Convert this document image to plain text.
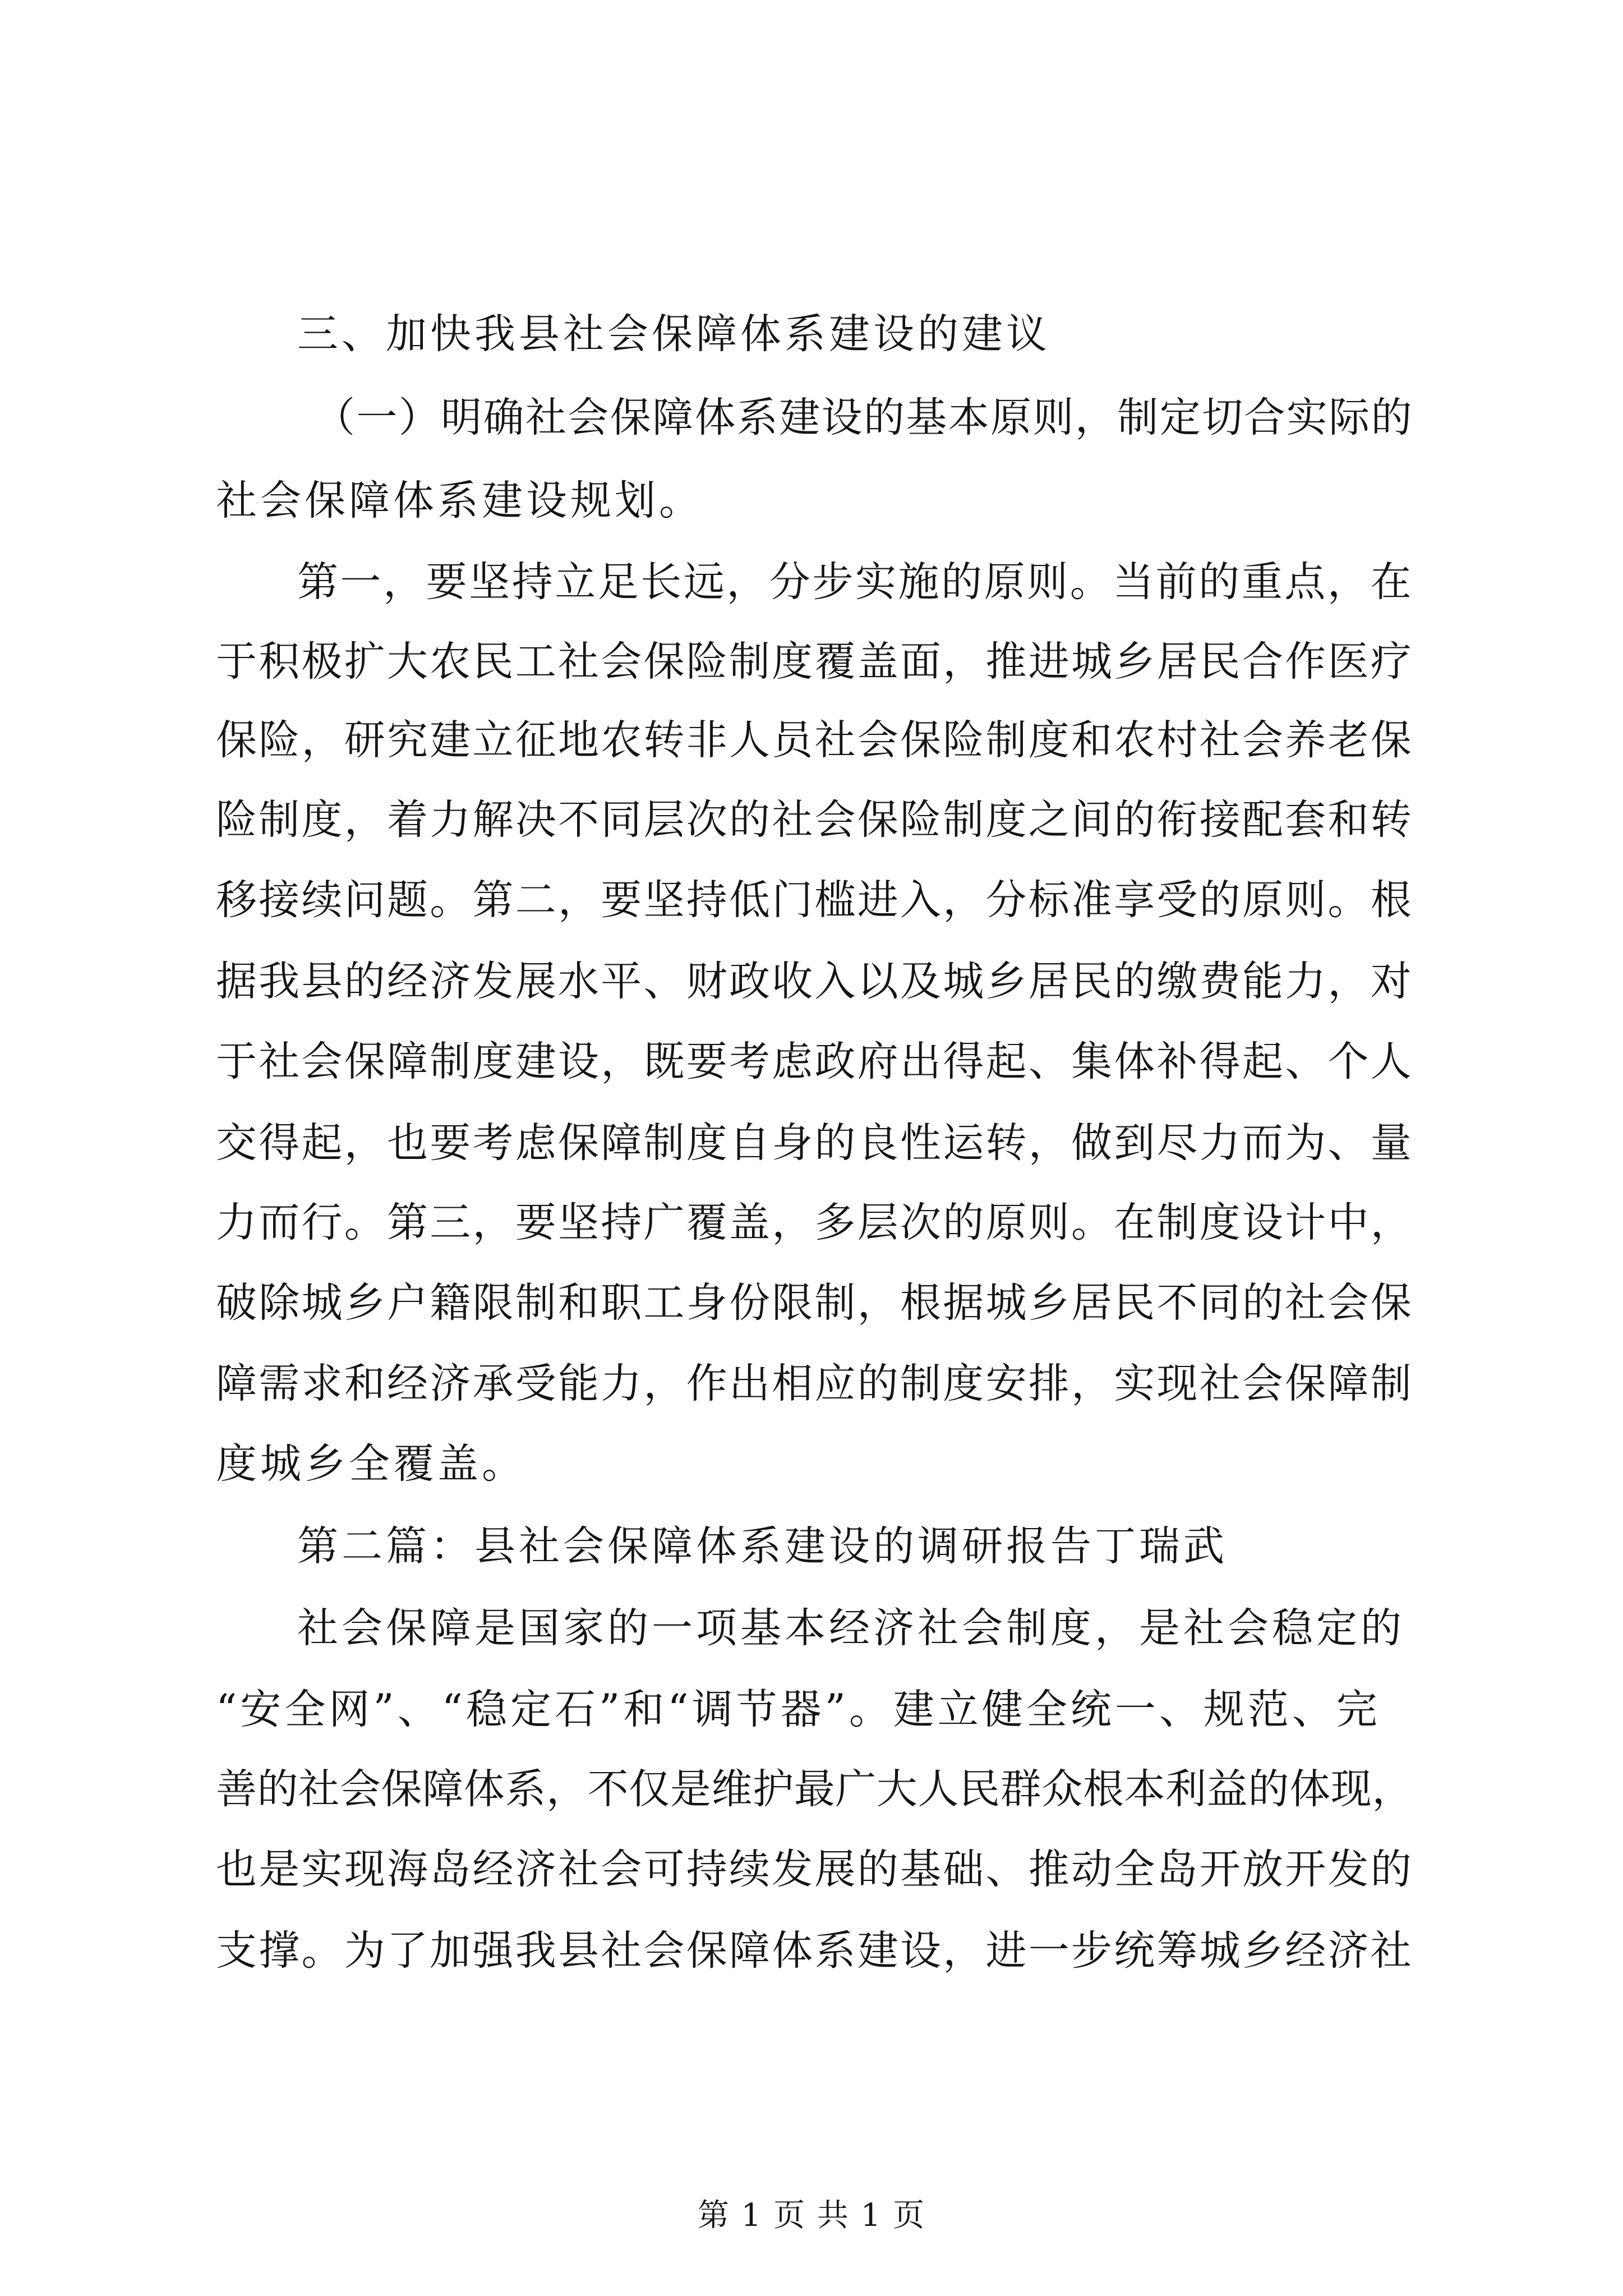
三、加快我县社会保障体系建设的建议
（一）明确社会保障体系建设的基本原则，制定切合实际的
社会保障体系建设规划。
第一，要坚持立足长远，分步实施的原则。当前的重点，在
于积极扩大农民工社会保险制度覆盖面，推进城乡居民合作医疗
保险，研究建立征地农转非人员社会保险制度和农村社会养老保
险制度，着力解决不同层次的社会保险制度之间的衔接配套和转
移接续问题。第二，要坚持低门槛进入，分标准享受的原则。根
据我县的经济发展水平、财政收入以及城乡居民的缴费能力，对
于社会保障制度建设，既要考虑政府出得起、集体补得起、个人
交得起，也要考虑保障制度自身的良性运转，做到尽力而为、量
力而行。第三，要坚持广覆盖，多层次的原则。在制度设计中，
破除城乡户籍限制和职工身份限制，根据城乡居民不同的社会保
障需求和经济承受能力，作出相应的制度安排，实现社会保障制
度城乡全覆盖。
第二篇：县社会保障体系建设的调研报告丁瑞武
社会保障是国家的一项基本经济社会制度，是社会稳定的
“安全网”、“稳定石”和“调节器”。建立健全统一、规范、完
善的社会保障体系，不仅是维护最广大人民群众根本利益的体现，
也是实现海岛经济社会可持续发展的基础、推动全岛开放开发的
支撑。为了加强我县社会保障体系建设，进一步统筹城乡经济社
第 1 页 共 1 页
